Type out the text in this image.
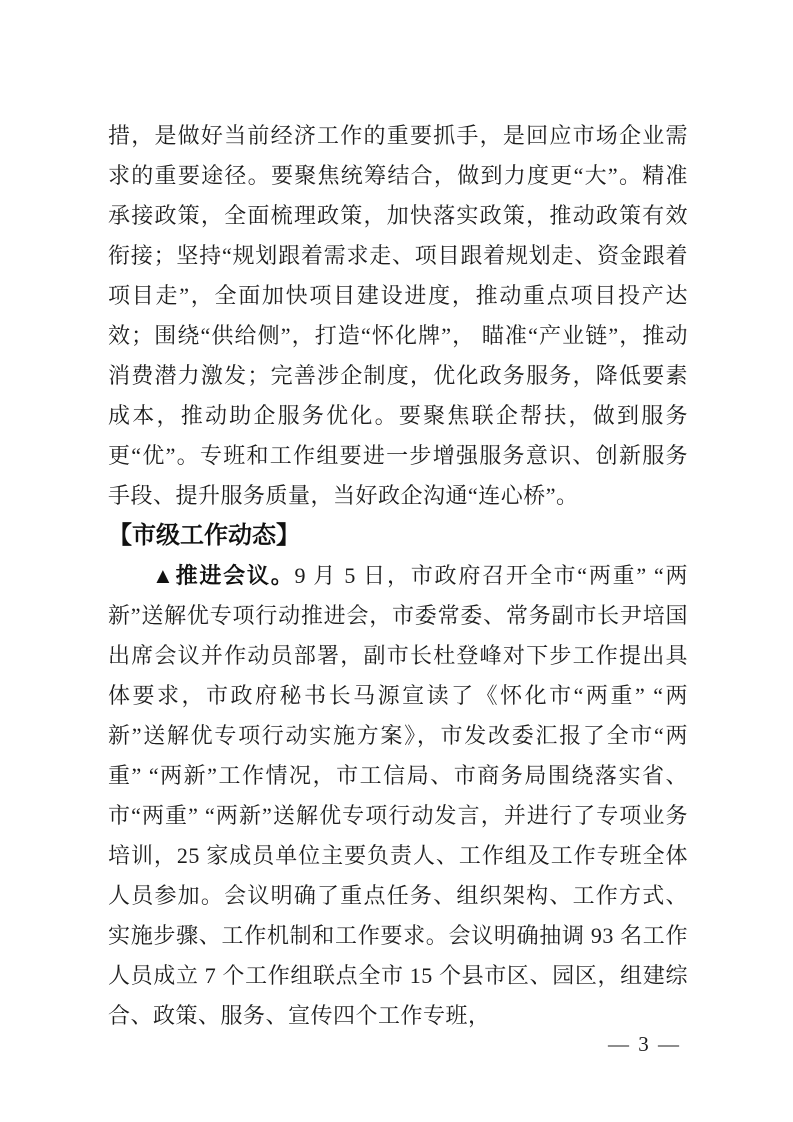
措，是做好当前经济工作的重要抓手，是回应市场企业需求的重要途径。要聚焦统筹结合，做到力度更“大”。精准承接政策，全面梳理政策，加快落实政策，推动政策有效衔接；坚持“规划跟着需求走、项目跟着规划走、资金跟着项目走”，全面加快项目建设进度，推动重点项目投产达效；围绕“供给侧”，打造“怀化牌”， 瞄准“产业链”，推动消费潜力激发；完善涉企制度，优化政务服务，降低要素成本，推动助企服务优化。要聚焦联企帮扶，做到服务更“优”。专班和工作组要进一步增强服务意识、创新服务手段、提升服务质量，当好政企沟通“连心桥”。

【市级工作动态】

▲推进会议。9 月 5 日，市政府召开全市“两重” “两新”送解优专项行动推进会，市委常委、常务副市长尹培国出席会议并作动员部署，副市长杜登峰对下步工作提出具体要求，市政府秘书长马源宣读了《怀化市“两重” “两新”送解优专项行动实施方案》，市发改委汇报了全市“两重” “两新”工作情况，市工信局、市商务局围绕落实省、市“两重” “两新”送解优专项行动发言，并进行了专项业务培训，25 家成员单位主要负责人、工作组及工作专班全体人员参加。会议明确了重点任务、组织架构、工作方式、实施步骤、工作机制和工作要求。会议明确抽调 93 名工作人员成立 7 个工作组联点全市 15 个县市区、园区，组建综合、政策、服务、宣传四个工作专班，

— 3 —
